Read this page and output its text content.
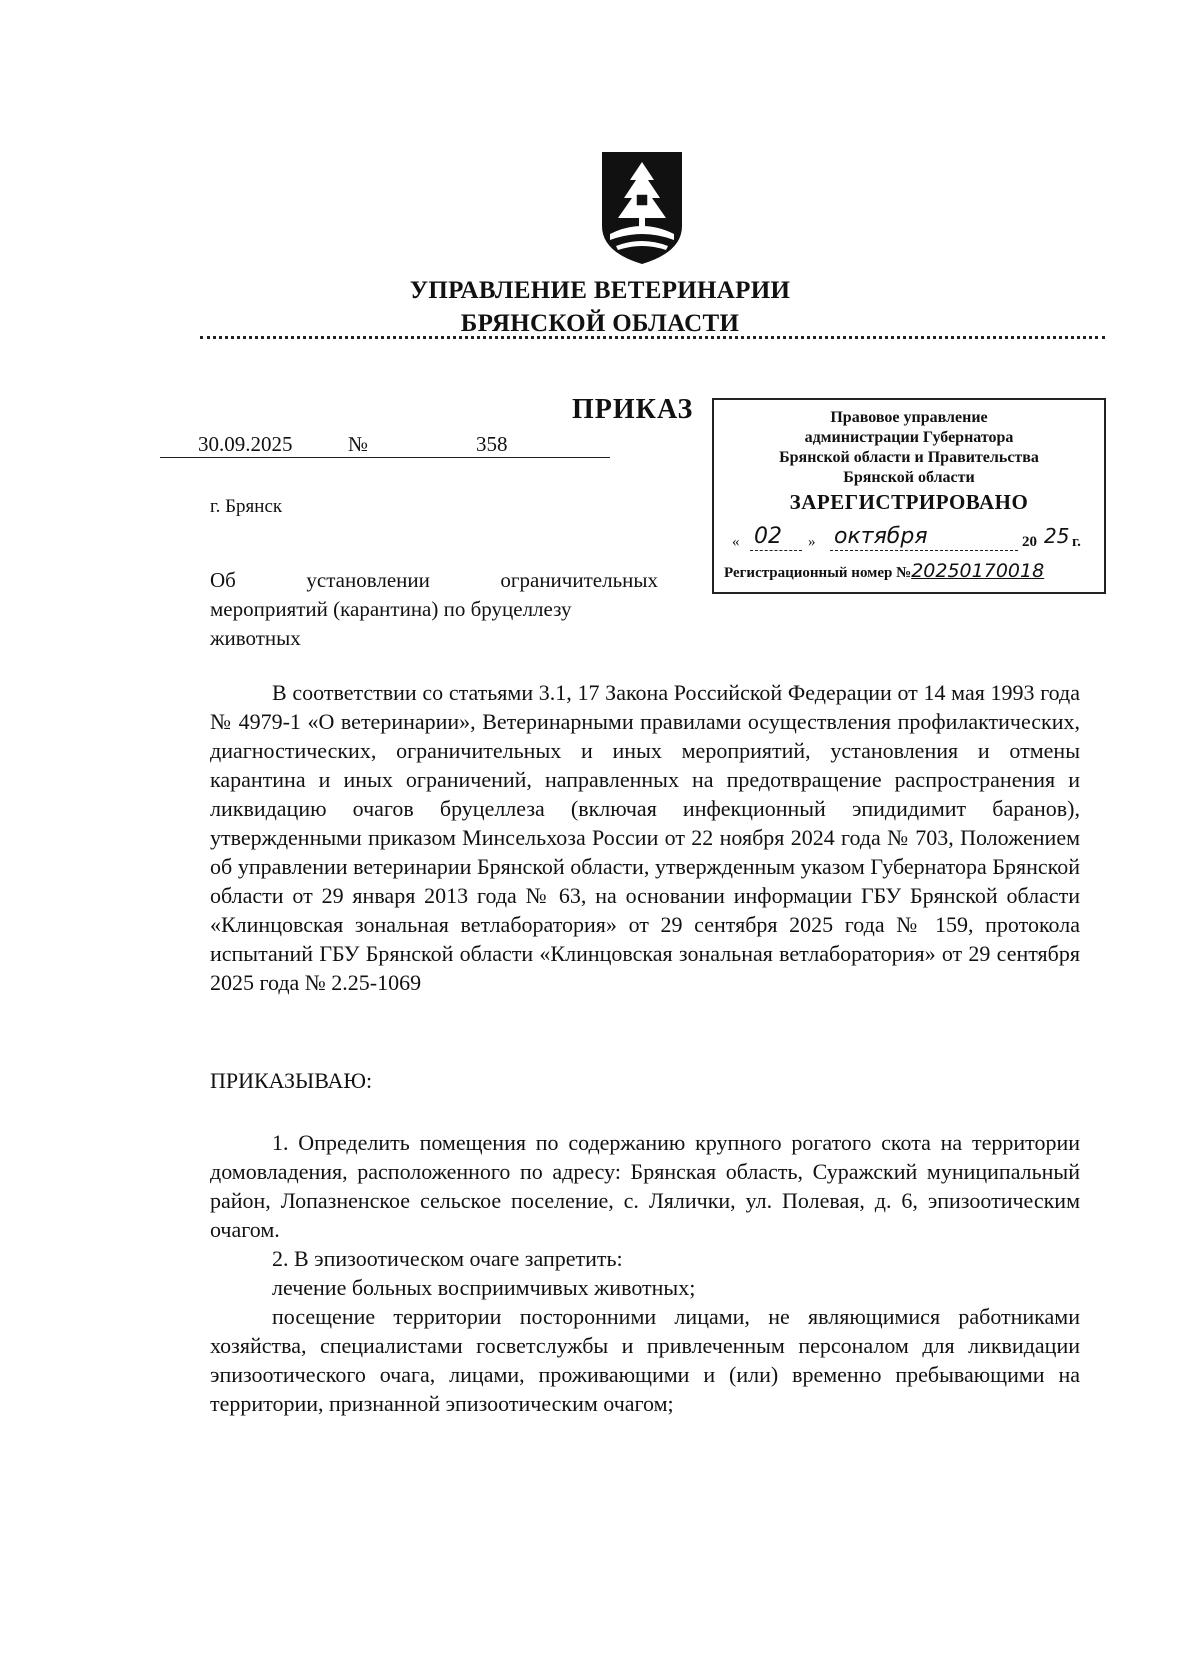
УПРАВЛЕНИЕ ВЕТЕРИНАРИИ
БРЯНСКОЙ ОБЛАСТИ
ПРИКАЗ
30.09.2025	№	358
г. Брянск
Об установлении ограничительных
мероприятий (карантина) по бруцеллезу животных
Правовое управление
администрации Губернатора
Брянской области и Правительства
Брянской области
ЗАРЕГИСТРИРОВАНО
« 02 » октября	20 25 г.
Регистрационный номер №20250170018

В соответствии со статьями 3.1, 17 Закона Российской Федерации от 14 мая 1993 года № 4979-1 «О ветеринарии», Ветеринарными правилами осуществления профилактических, диагностических, ограничительных и иных мероприятий, установления и отмены карантина и иных ограничений, направленных на предотвращение распространения и ликвидацию очагов бруцеллеза (включая инфекционный эпидидимит баранов), утвержденными приказом Минсельхоза России от 22 ноября 2024 года № 703, Положением об управлении ветеринарии Брянской области, утвержденным указом Губернатора Брянской области от 29 января 2013 года № 63, на основании информации ГБУ Брянской области «Клинцовская зональная ветлаборатория» от 29 сентября 2025 года № 159, протокола испытаний ГБУ Брянской области «Клинцовская зональная ветлаборатория» от 29 сентября 2025 года № 2.25-1069

ПРИКАЗЫВАЮ:

1. Определить помещения по содержанию крупного рогатого скота на территории домовладения, расположенного по адресу: Брянская область, Суражский муниципальный район, Лопазненское сельское поселение, с. Лялички, ул. Полевая, д. 6, эпизоотическим очагом.

2. В эпизоотическом очаге запретить:

лечение больных восприимчивых животных;

посещение территории посторонними лицами, не являющимися работниками хозяйства, специалистами госветслужбы и привлеченным персоналом для ликвидации эпизоотического очага, лицами, проживающими и (или) временно пребывающими на территории, признанной эпизоотическим очагом;
